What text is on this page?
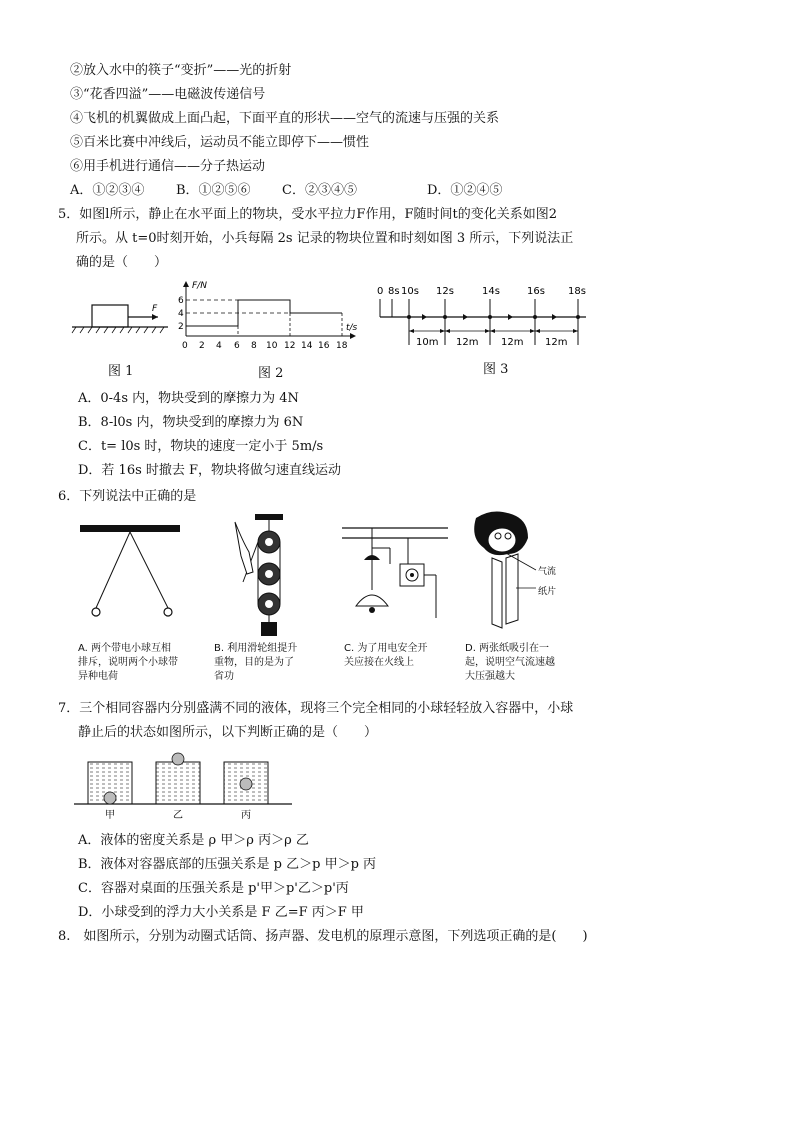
②放入水中的筷子“变折”——光的折射
③“花香四溢”——电磁波传递信号
④飞机的机翼做成上面凸起，下面平直的形状——空气的流速与压强的关系
⑤百米比赛中冲线后，运动员不能立即停下——惯性
⑥用手机进行通信——分子热运动
A．①②③④ B．①②⑤⑥ C．②③④⑤	D．①②④⑤
5．如图l所示，静止在水平面上的物块，受水平拉力F作用，F随时间t的变化关系如图2
所示。从 t=0时刻开始，小兵每隔 2s 记录的物块位置和时刻如图 3 所示，下列说法正
确的是（　　）
F
图 1
F/N
t/s
6
4
2
0 2 4 6 8 10 12 14 16 18
图 2
0 8s 10s 12s	14s	16s 18s
10m 12m 12m 12m
图 3
A．0-4s 内，物块受到的摩擦力为 4N
B．8-l0s 内，物块受到的摩擦力为 6N
C．t= l0s 时，物块的速度一定小于 5m/s
D．若 16s 时撤去 F，物块将做匀速直线运动
6．下列说法中正确的是
A. 两个带电小球互相
排斥，说明两个小球带
异种电荷
B. 利用滑轮组提升
重物，目的是为了
省功
C. 为了用电安全开
关应接在火线上
气流
纸片
D. 两张纸吸引在一
起，说明空气流速越
大压强越大
7．三个相同容器内分别盛满不同的液体，现将三个完全相同的小球轻轻放入容器中，小球
静止后的状态如图所示，以下判断正确的是（　　）
甲	乙	丙
A．液体的密度关系是 ρ 甲＞ρ 丙＞ρ 乙
B．液体对容器底部的压强关系是 p 乙＞p 甲＞p 丙
C．容器对桌面的压强关系是 p'甲＞p'乙＞p'丙
D．小球受到的浮力大小关系是 F 乙=F 丙＞F 甲
8.　如图所示，分别为动圈式话筒、扬声器、发电机的原理示意图，下列选项正确的是(　　)
